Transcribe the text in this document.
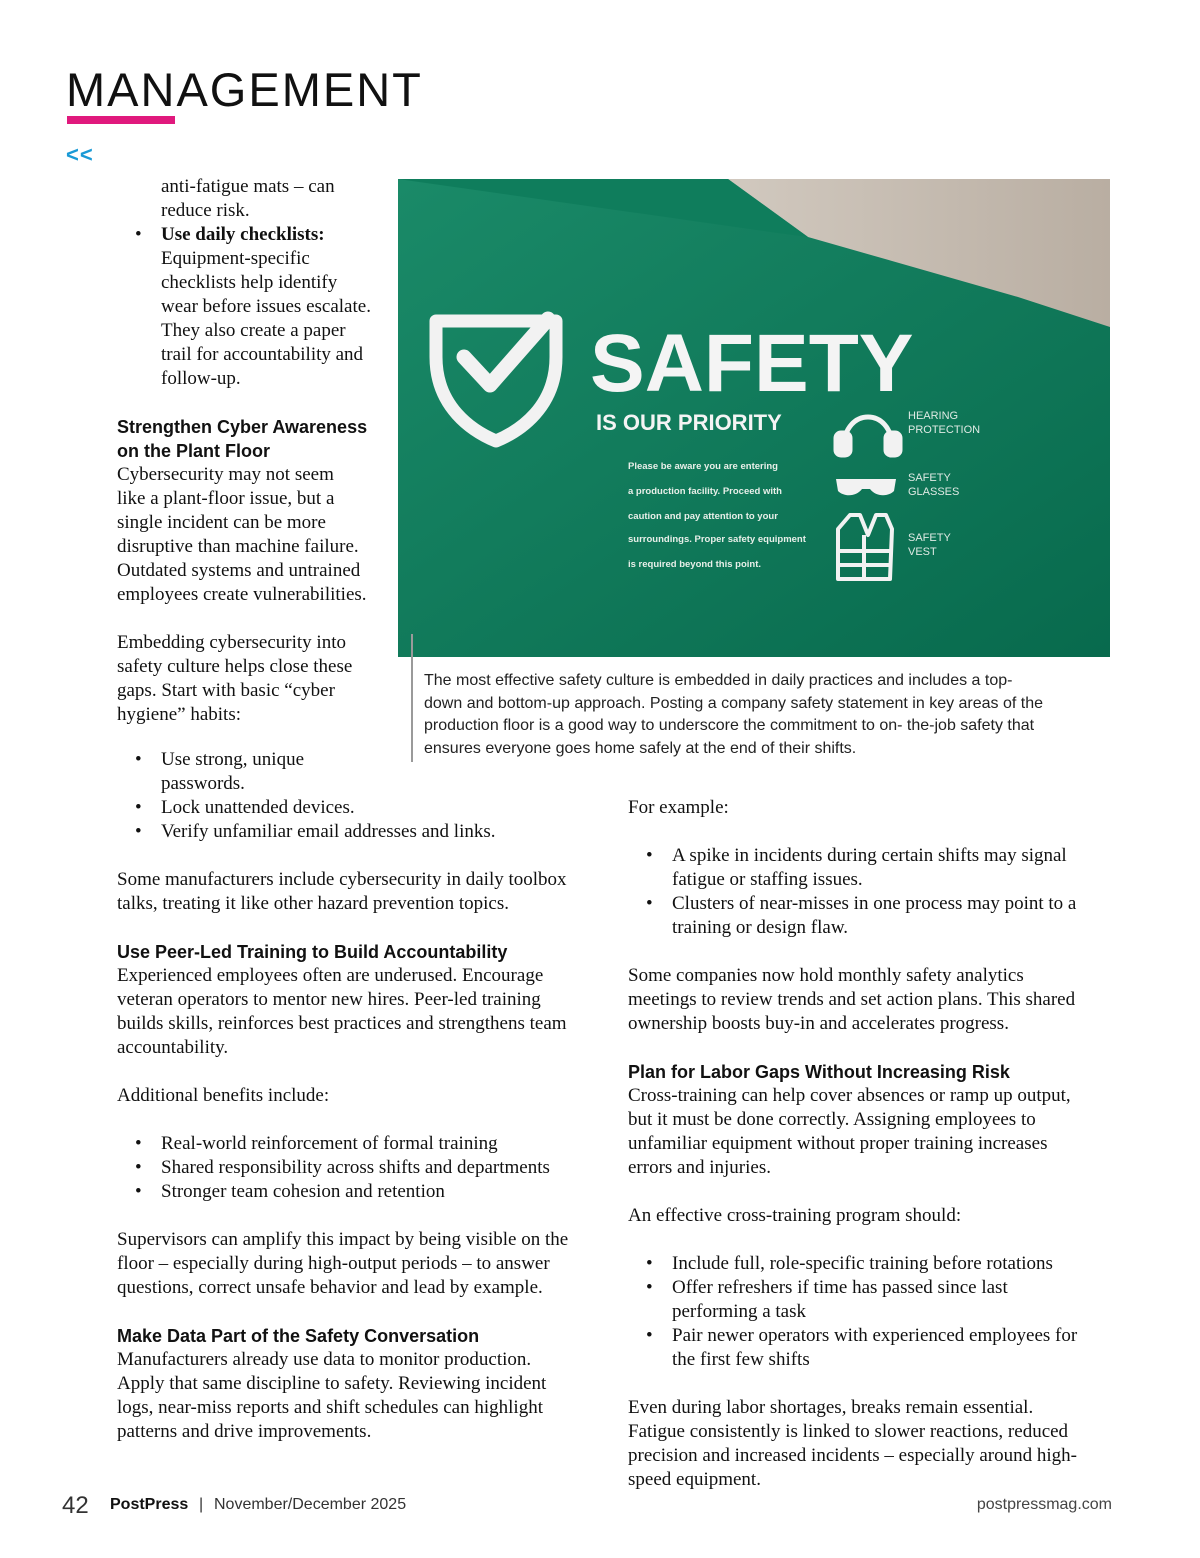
MANAGEMENT
<<
anti-fatigue mats – can
reduce risk.
• Use daily checklists:
Equipment-specific
checklists help identify
wear before issues escalate.
They also create a paper
trail for accountability and
follow-up.
Strengthen Cyber Awareness
on the Plant Floor

Cybersecurity may not seem
like a plant-floor issue, but a
single incident can be more
disruptive than machine failure.
Outdated systems and untrained
employees create vulnerabilities.

Embedding cybersecurity into
safety culture helps close these
gaps. Start with basic “cyber
hygiene” habits:

SAFETY
IS OUR PRIORITY
Please be aware you are entering
a production facility. Proceed with
caution and pay attention to your
surroundings. Proper safety equipment
is required beyond this point.
HEARING
PROTECTION
SAFETY
GLASSES
SAFETY
VEST
The most effective safety culture is embedded in daily practices and includes a top-
down and bottom-up approach. Posting a company safety statement in key areas of the
production floor is a good way to underscore the commitment to on- the-job safety that
ensures everyone goes home safely at the end of their shifts.
• Use strong, unique
passwords.
• Lock unattended devices.
• Verify unfamiliar email addresses and links.

Some manufacturers include cybersecurity in daily toolbox
talks, treating it like other hazard prevention topics.

Use Peer-Led Training to Build Accountability

Experienced employees often are underused. Encourage
veteran operators to mentor new hires. Peer-led training
builds skills, reinforces best practices and strengthens team
accountability.

Additional benefits include:

• Real-world reinforcement of formal training
• Shared responsibility across shifts and departments
• Stronger team cohesion and retention

Supervisors can amplify this impact by being visible on the
floor – especially during high-output periods – to answer
questions, correct unsafe behavior and lead by example.

Make Data Part of the Safety Conversation

Manufacturers already use data to monitor production.
Apply that same discipline to safety. Reviewing incident
logs, near-miss reports and shift schedules can highlight
patterns and drive improvements.

For example:

• A spike in incidents during certain shifts may signal
fatigue or staffing issues.
• Clusters of near-misses in one process may point to a
training or design flaw.

Some companies now hold monthly safety analytics
meetings to review trends and set action plans. This shared
ownership boosts buy-in and accelerates progress.

Plan for Labor Gaps Without Increasing Risk

Cross-training can help cover absences or ramp up output,
but it must be done correctly. Assigning employees to
unfamiliar equipment without proper training increases
errors and injuries.

An effective cross-training program should:

• Include full, role-specific training before rotations
• Offer refreshers if time has passed since last
performing a task
• Pair newer operators with experienced employees for
the first few shifts

Even during labor shortages, breaks remain essential.
Fatigue consistently is linked to slower reactions, reduced
precision and increased incidents – especially around high-
speed equipment.

42 PostPress | November/December 2025	postpressmag.com
